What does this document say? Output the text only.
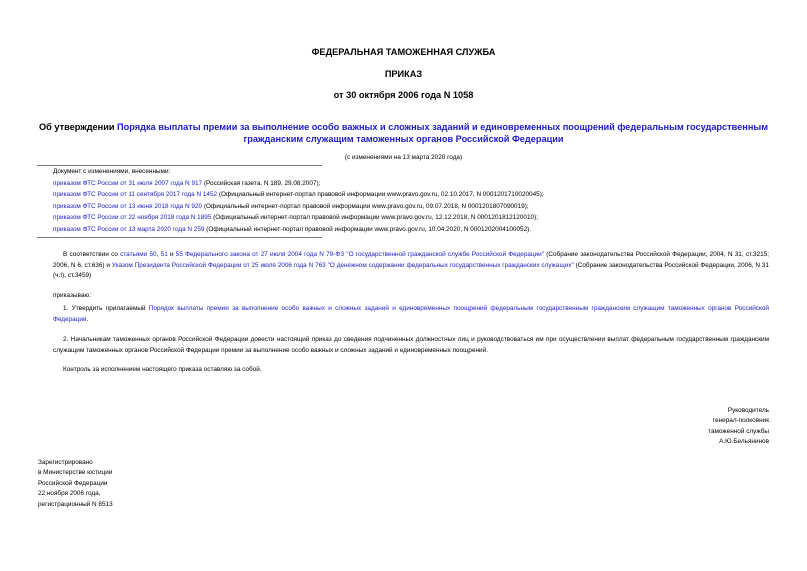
ФЕДЕРАЛЬНАЯ ТАМОЖЕННАЯ СЛУЖБА
ПРИКАЗ
от 30 октября 2006 года N 1058
Об утверждении Порядка выплаты премии за выполнение особо важных и сложных заданий и единовременных поощрений федеральным государственным
гражданским служащим таможенных органов Российской Федерации
(с изменениями на 13 марта 2020 года)
Документ с изменениями, внесенными:
приказом ФТС России от 31 июля 2007 года N 917 (Российская газета, N 189, 29.08.2007);
приказом ФТС России от 11 сентября 2017 года N 1452 (Официальный интернет-портал правовой информации www.pravo.gov.ru, 02.10.2017, N 0001201710020045);
приказом ФТС России от 13 июня 2018 года N 920 (Официальный интернет-портал правовой информации www.pravo.gov.ru, 09.07.2018, N 0001201807090019);
приказом ФТС России от 22 ноября 2018 года N 1895 (Официальный интернет-портал правовой информации www.pravo.gov.ru, 12.12.2018, N 0001201812120010);
приказом ФТС России от 13 марта 2020 года N 259 (Официальный интернет-портал правовой информации www.pravo.gov.ru, 10.04.2020, N 0001202004100052).
В соответствии со статьями 50, 51 и 55 Федерального закона от 27 июля 2004 года N 79-ФЗ "О государственной гражданской службе Российской Федерации" (Собрание законодательства Российской Федерации, 2004, N 31, ст.3215; 2006, N 6, ст.636) и Указом Президента Российской Федерации от 25 июля 2006 года N 763 "О денежном содержании федеральных государственных гражданских служащих" (Собрание законодательства Российской Федерации, 2006, N 31 (ч.I), ст.3459)
приказываю:
1. Утвердить прилагаемый Порядок выплаты премии за выполнение особо важных и сложных заданий и единовременных поощрений федеральным государственным гражданским служащим таможенных органов Российской Федерации.
2. Начальникам таможенных органов Российской Федерации довести настоящий приказ до сведения подчиненных должностных лиц и руководствоваться им при осуществлении выплат федеральным государственным гражданским служащим таможенных органов Российской Федерации премии за выполнение особо важных и сложных заданий и единовременных поощрений.
Контроль за исполнением настоящего приказа оставляю за собой.
Руководитель
генерал-полковник
таможенной службы
А.Ю.Бельянинов
Зарегистрировано
в Министерстве юстиции
Российской Федерации
22 ноября 2006 года,
регистрационный N 8513
